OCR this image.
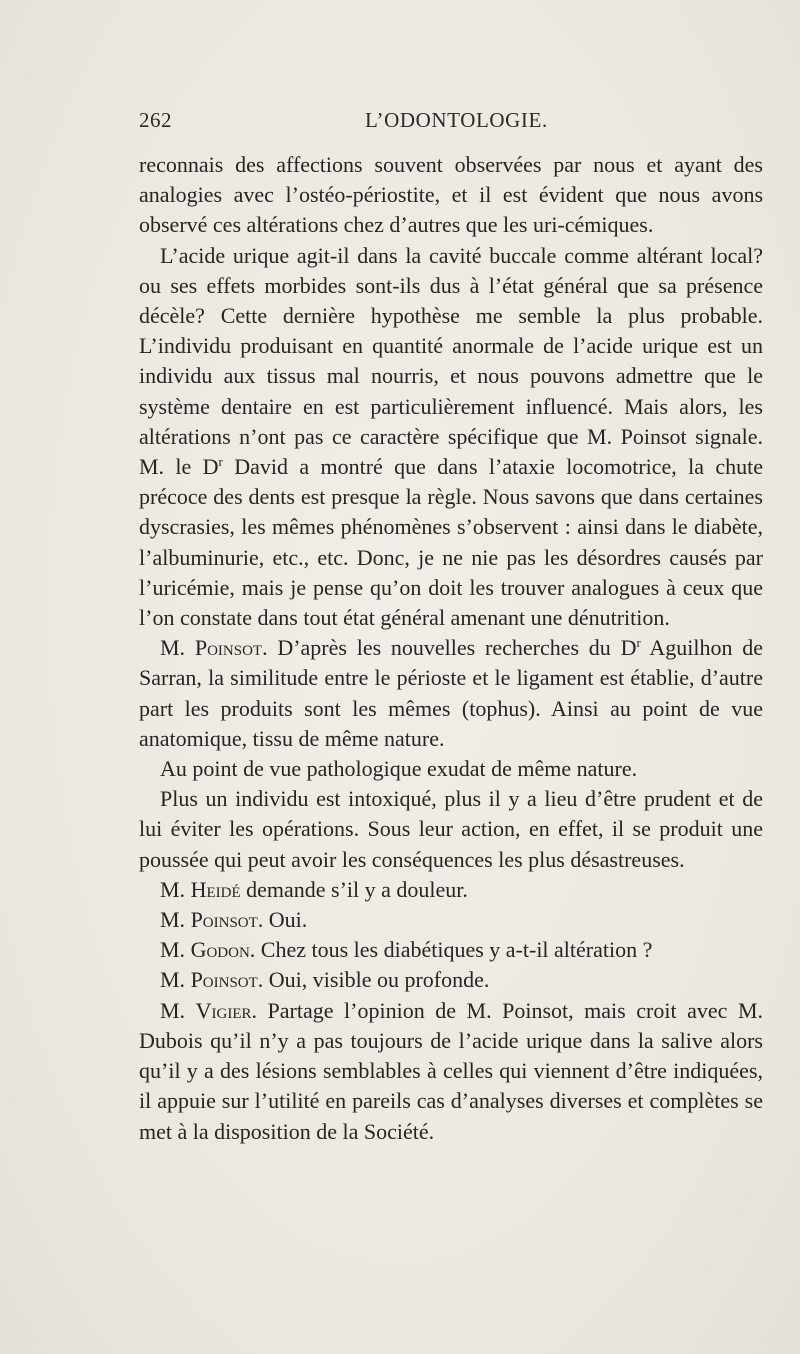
262	L’ODONTOLOGIE.

reconnais des affections souvent observées par nous et ayant des analogies avec l’ostéo-périostite, et il est évident que nous avons observé ces altérations chez d’autres que les uri-cémiques.

L’acide urique agit-il dans la cavité buccale comme altérant local? ou ses effets morbides sont-ils dus à l’état général que sa présence décèle? Cette dernière hypothèse me semble la plus probable. L’individu produisant en quantité anormale de l’acide urique est un individu aux tissus mal nourris, et nous pouvons admettre que le système dentaire en est particulièrement influencé. Mais alors, les altérations n’ont pas ce caractère spécifique que M. Poinsot signale. M. le $D^r$ David a montré que dans l’ataxie locomotrice, la chute précoce des dents est presque la règle. Nous savons que dans certaines dyscrasies, les mêmes phénomènes s’observent : ainsi dans le diabète, l’albuminurie, etc., etc. Donc, je ne nie pas les désordres causés par l’uricémie, mais je pense qu’on doit les trouver analogues à ceux que l’on constate dans tout état général amenant une dénutrition.

M. Poinsot. D’après les nouvelles recherches du $D^r$ Aguilhon de Sarran, la similitude entre le périoste et le ligament est établie, d’autre part les produits sont les mêmes (tophus). Ainsi au point de vue anatomique, tissu de même nature.

Au point de vue pathologique exudat de même nature.

Plus un individu est intoxiqué, plus il y a lieu d’être prudent et de lui éviter les opérations. Sous leur action, en effet, il se produit une poussée qui peut avoir les conséquences les plus désastreuses.

M. Heidé demande s’il y a douleur.

M. Poinsot. Oui.

M. Godon. Chez tous les diabétiques y a-t-il altération ?

M. Poinsot. Oui, visible ou profonde.

M. Vigier. Partage l’opinion de M. Poinsot, mais croit avec M. Dubois qu’il n’y a pas toujours de l’acide urique dans la salive alors qu’il y a des lésions semblables à celles qui viennent d’être indiquées, il appuie sur l’utilité en pareils cas d’analyses diverses et complètes se met à la disposition de la Société.
